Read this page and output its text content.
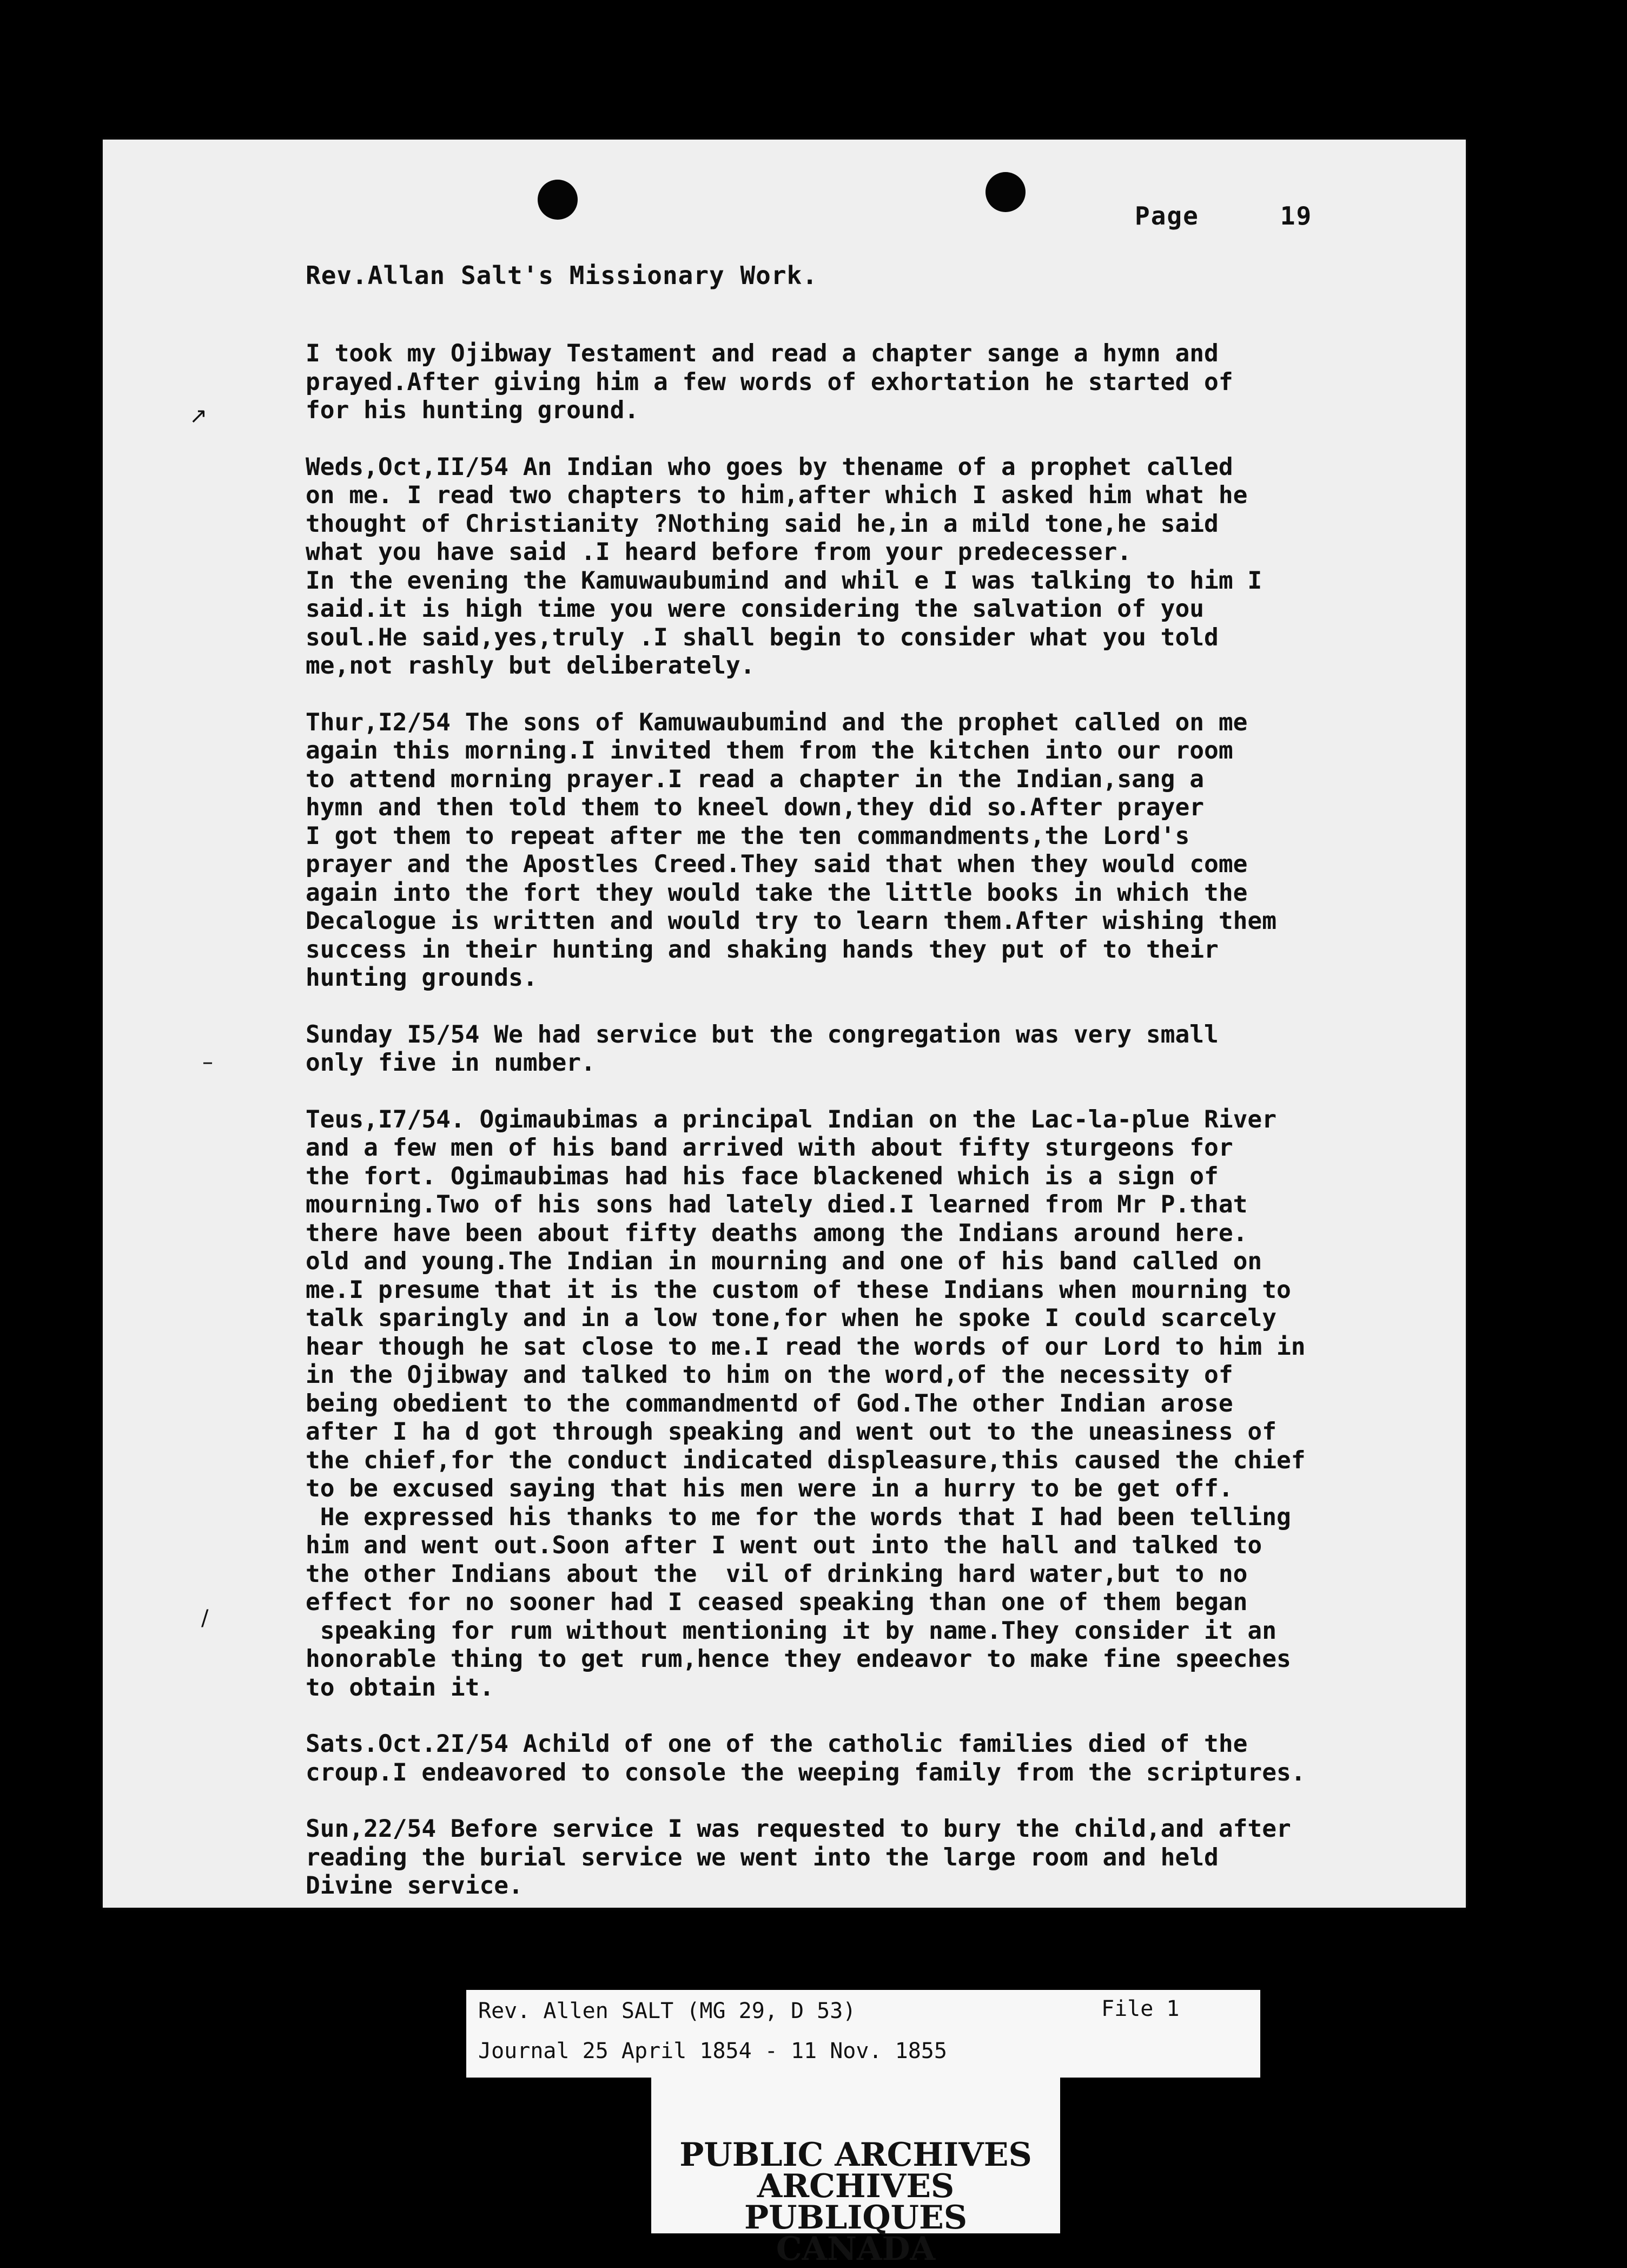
Page	19
Rev.Allan Salt's Missionary Work.

I took my Ojibway Testament and read a chapter sange a hymn and
prayed.After giving him a few words of exhortation he started of
for his hunting ground.

Weds,Oct,II/54 An Indian who goes by thename of a prophet called
on me. I read two chapters to him,after which I asked him what he
thought of Christianity ?Nothing said he,in a mild tone,he said
what you have said .I heard before from your predecesser.
In the evening the Kamuwaubumind and whil e I was talking to him I
said.it is high time you were considering the salvation of you
soul.He said,yes,truly .I shall begin to consider what you told
me,not rashly but deliberately.

Thur,I2/54 The sons of Kamuwaubumind and the prophet called on me
again this morning.I invited them from the kitchen into our room
to attend morning prayer.I read a chapter in the Indian,sang a
hymn and then told them to kneel down,they did so.After prayer
I got them to repeat after me the ten commandments,the Lord's
prayer and the Apostles Creed.They said that when they would come
again into the fort they would take the little books in which the
Decalogue is written and would try to learn them.After wishing them
success in their hunting and shaking hands they put of to their
hunting grounds.

Sunday I5/54 We had service but the congregation was very small
only five in number.

Teus,I7/54. Ogimaubimas a principal Indian on the Lac-la-plue River
and a few men of his band arrived with about fifty sturgeons for
the fort. Ogimaubimas had his face blackened which is a sign of
mourning.Two of his sons had lately died.I learned from Mr P.that
there have been about fifty deaths among the Indians around here.
old and young.The Indian in mourning and one of his band called on
me.I presume that it is the custom of these Indians when mourning to
talk sparingly and in a low tone,for when he spoke I could scarcely
hear though he sat close to me.I read the words of our Lord to him in
in the Ojibway and talked to him on the word,of the necessity of
being obedient to the commandmentd of God.The other Indian arose
after I ha d got through speaking and went out to the uneasiness of
the chief,for the conduct indicated displeasure,this caused the chief
to be excused saying that his men were in a hurry to be get off.
He expressed his thanks to me for the words that I had been telling
him and went out.Soon after I went out into the hall and talked to
the other Indians about the  vil of drinking hard water,but to no
effect for no sooner had I ceased speaking than one of them began
speaking for rum without mentioning it by name.They consider it an
honorable thing to get rum,hence they endeavor to make fine speeches
to obtain it.

Sats.Oct.2I/54 Achild of one of the catholic families died of the
croup.I endeavored to console the weeping family from the scriptures.

Sun,22/54 Before service I was requested to bury the child,and after
reading the burial service we went into the large room and held
Divine service.

↗
–
/
Rev. Allen SALT (MG 29, D 53)	File 1
Journal 25 April 1854 - 11 Nov. 1855
PUBLIC ARCHIVES
ARCHIVES PUBLIQUES
CANADA
